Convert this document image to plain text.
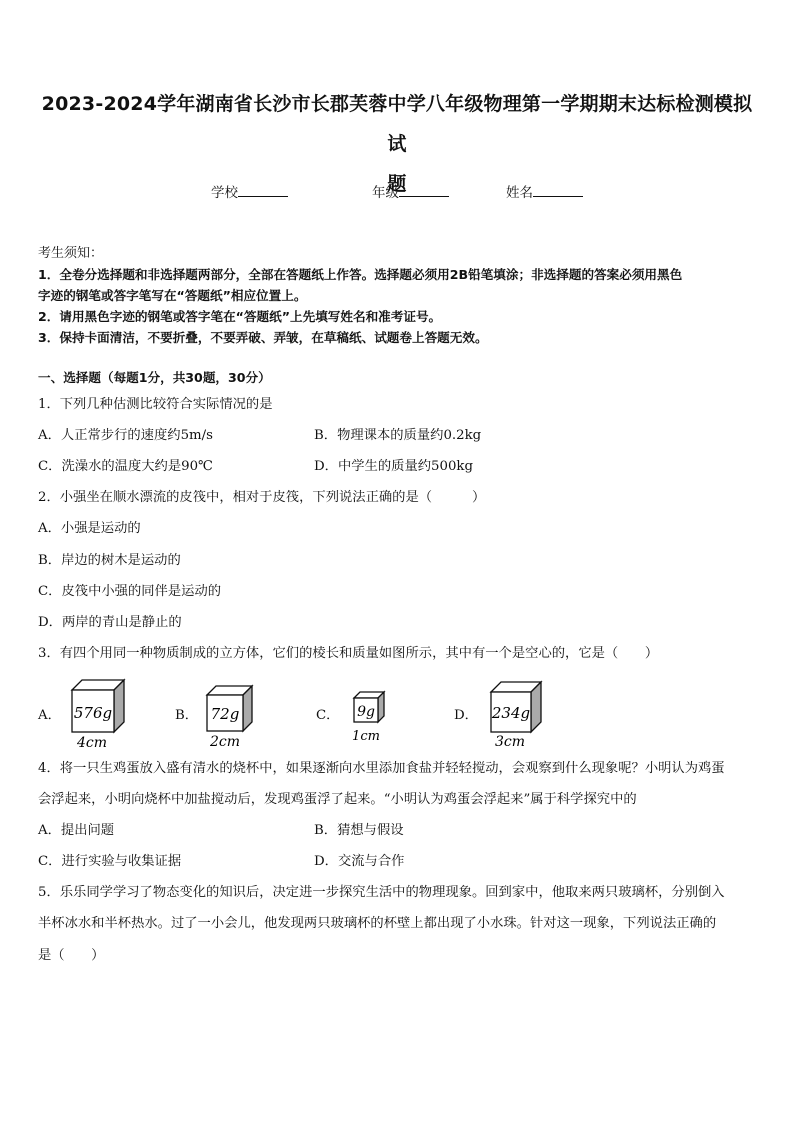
2023-2024学年湖南省长沙市长郡芙蓉中学八年级物理第一学期期末达标检测模拟试
题
学校	年级	姓名
考生须知：
1．全卷分选择题和非选择题两部分，全部在答题纸上作答。选择题必须用2B铅笔填涂；非选择题的答案必须用黑色
字迹的钢笔或答字笔写在“答题纸”相应位置上。
2．请用黑色字迹的钢笔或答字笔在“答题纸”上先填写姓名和准考证号。
3．保持卡面清洁，不要折叠，不要弄破、弄皱，在草稿纸、试题卷上答题无效。
一、选择题（每题1分，共30题，30分）
1．下列几种估测比较符合实际情况的是
A．人正常步行的速度约5m/s	B．物理课本的质量约0.2kg
C．洗澡水的温度大约是90℃	D．中学生的质量约500kg
2．小强坐在顺水漂流的皮筏中，相对于皮筏，下列说法正确的是（　　　）
A．小强是运动的
B．岸边的树木是运动的
C．皮筏中小强的同伴是运动的
D．两岸的青山是静止的
3．有四个用同一种物质制成的立方体，它们的棱长和质量如图所示，其中有一个是空心的，它是（　　）
A． 576g
4cm
B． 72g
2cm
C． 9g
1cm
D． 234g
3cm
4．将一只生鸡蛋放入盛有清水的烧杯中，如果逐渐向水里添加食盐并轻轻搅动，会观察到什么现象呢？小明认为鸡蛋
会浮起来，小明向烧杯中加盐搅动后，发现鸡蛋浮了起来。“小明认为鸡蛋会浮起来”属于科学探究中的
A．提出问题	B．猜想与假设
C．进行实验与收集证据	D．交流与合作
5．乐乐同学学习了物态变化的知识后，决定进一步探究生活中的物理现象。回到家中，他取来两只玻璃杯，分别倒入
半杯冰水和半杯热水。过了一小会儿，他发现两只玻璃杯的杯壁上都出现了小水珠。针对这一现象，下列说法正确的
是（　　）
